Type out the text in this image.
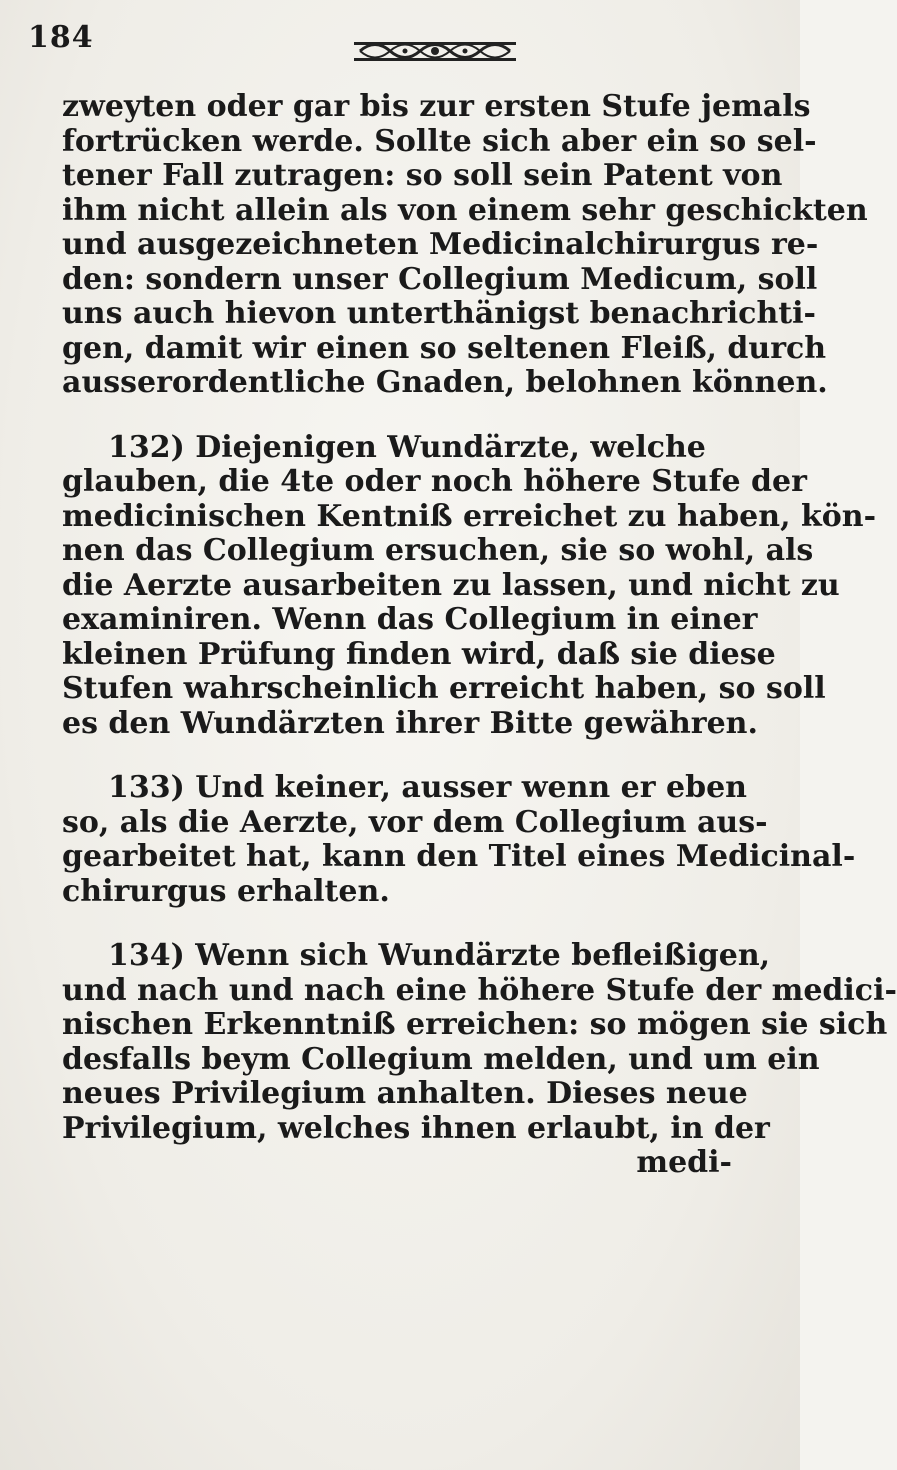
184
zweyten oder gar bis zur ersten Stufe jemals
fortrücken werde. Sollte sich aber ein so sel‑
tener Fall zutragen: so soll sein Patent von
ihm nicht allein als von einem sehr geschickten
und ausgezeichneten Medicinalchirurgus re‑
den: sondern unser Collegium Medicum, soll
uns auch hievon unterthänigst benachrichti‑
gen, damit wir einen so seltenen Fleiß, durch
ausserordentliche Gnaden, belohnen können.
132) Diejenigen Wundärzte, welche
glauben, die 4te oder noch höhere Stufe der
medicinischen Kentniß erreichet zu haben, kön‑
nen das Collegium ersuchen, sie so wohl, als
die Aerzte ausarbeiten zu lassen, und nicht zu
examiniren. Wenn das Collegium in einer
kleinen Prüfung finden wird, daß sie diese
Stufen wahrscheinlich erreicht haben, so soll
es den Wundärzten ihrer Bitte gewähren.
133) Und keiner, ausser wenn er eben
so, als die Aerzte, vor dem Collegium aus‑
gearbeitet hat, kann den Titel eines Medicinal‑
chirurgus erhalten.
134) Wenn sich Wundärzte befleißigen,
und nach und nach eine höhere Stufe der medici‑
nischen Erkenntniß erreichen: so mögen sie sich
desfalls beym Collegium melden, und um ein
neues Privilegium anhalten. Dieses neue
Privilegium, welches ihnen erlaubt, in der
medi‑
